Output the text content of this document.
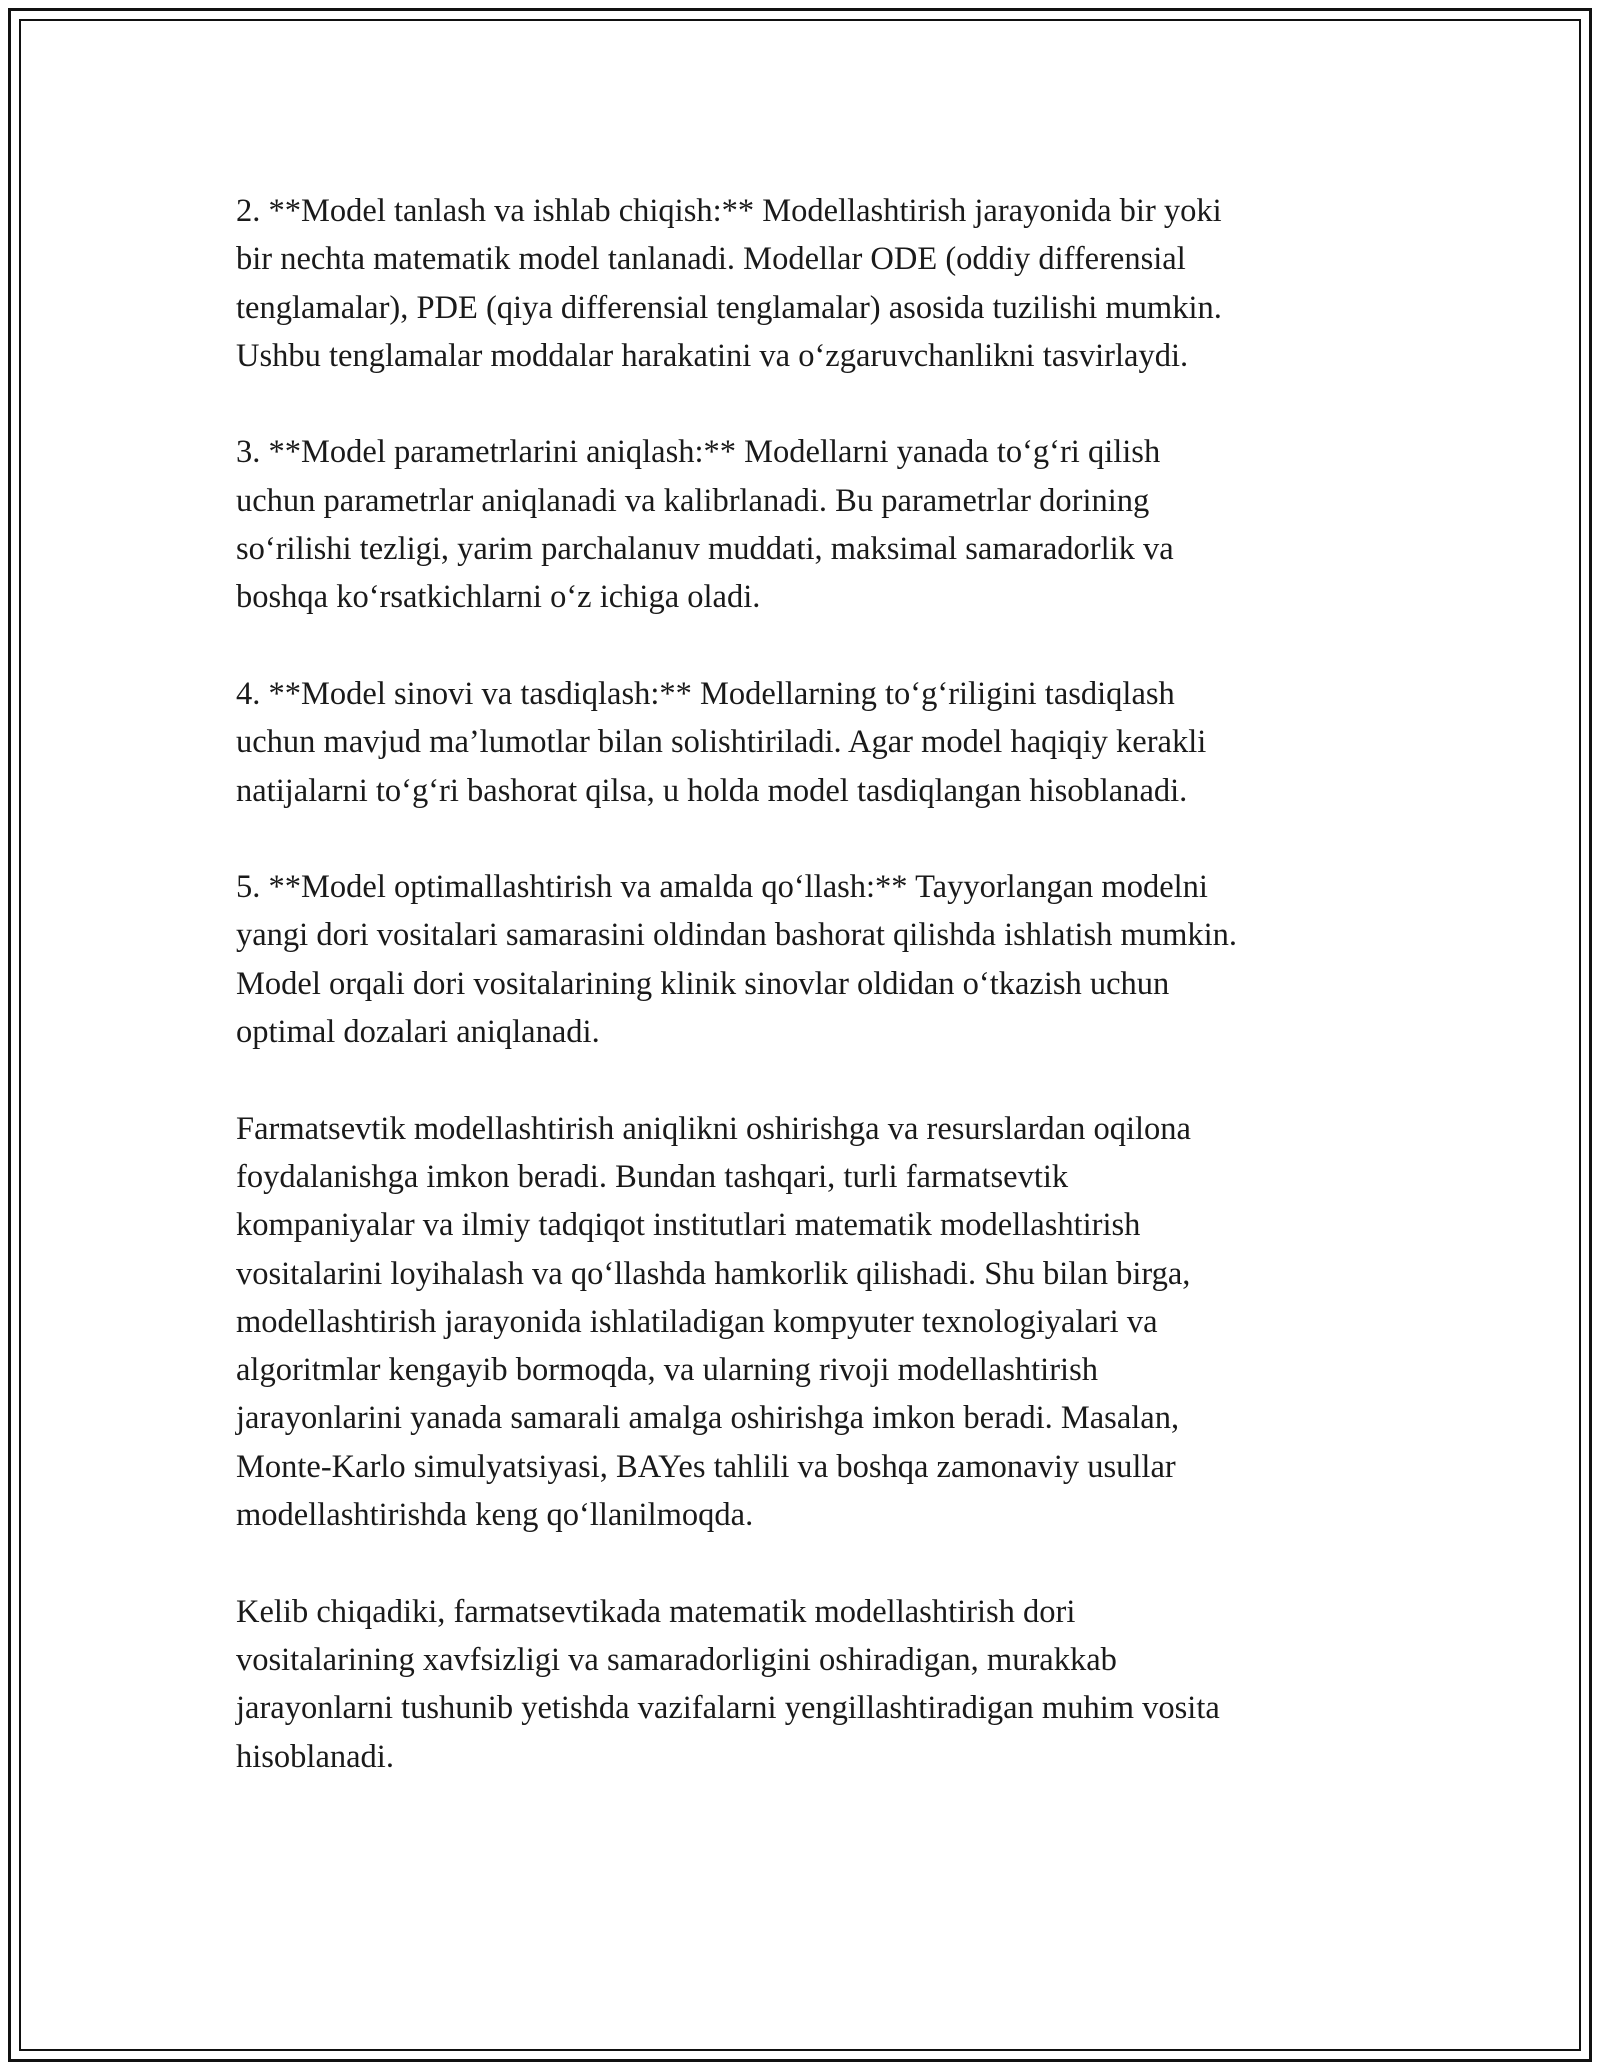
2. **Model tanlash va ishlab chiqish:** Modellashtirish jarayonida bir yoki
bir nechta matematik model tanlanadi. Modellar ODE (oddiy differensial
tenglamalar), PDE (qiya differensial tenglamalar) asosida tuzilishi mumkin.
Ushbu tenglamalar moddalar harakatini va o‘zgaruvchanlikni tasvirlaydi.

3. **Model parametrlarini aniqlash:** Modellarni yanada to‘g‘ri qilish
uchun parametrlar aniqlanadi va kalibrlanadi. Bu parametrlar dorining
so‘rilishi tezligi, yarim parchalanuv muddati, maksimal samaradorlik va
boshqa ko‘rsatkichlarni o‘z ichiga oladi.

4. **Model sinovi va tasdiqlash:** Modellarning to‘g‘riligini tasdiqlash
uchun mavjud ma’lumotlar bilan solishtiriladi. Agar model haqiqiy kerakli
natijalarni to‘g‘ri bashorat qilsa, u holda model tasdiqlangan hisoblanadi.

5. **Model optimallashtirish va amalda qo‘llash:** Tayyorlangan modelni
yangi dori vositalari samarasini oldindan bashorat qilishda ishlatish mumkin.
Model orqali dori vositalarining klinik sinovlar oldidan o‘tkazish uchun
optimal dozalari aniqlanadi.

Farmatsevtik modellashtirish aniqlikni oshirishga va resurslardan oqilona
foydalanishga imkon beradi. Bundan tashqari, turli farmatsevtik
kompaniyalar va ilmiy tadqiqot institutlari matematik modellashtirish
vositalarini loyihalash va qo‘llashda hamkorlik qilishadi. Shu bilan birga,
modellashtirish jarayonida ishlatiladigan kompyuter texnologiyalari va
algoritmlar kengayib bormoqda, va ularning rivoji modellashtirish
jarayonlarini yanada samarali amalga oshirishga imkon beradi. Masalan,
Monte-Karlo simulyatsiyasi, BAYes tahlili va boshqa zamonaviy usullar
modellashtirishda keng qo‘llanilmoqda.

Kelib chiqadiki, farmatsevtikada matematik modellashtirish dori
vositalarining xavfsizligi va samaradorligini oshiradigan, murakkab
jarayonlarni tushunib yetishda vazifalarni yengillashtiradigan muhim vosita
hisoblanadi.
